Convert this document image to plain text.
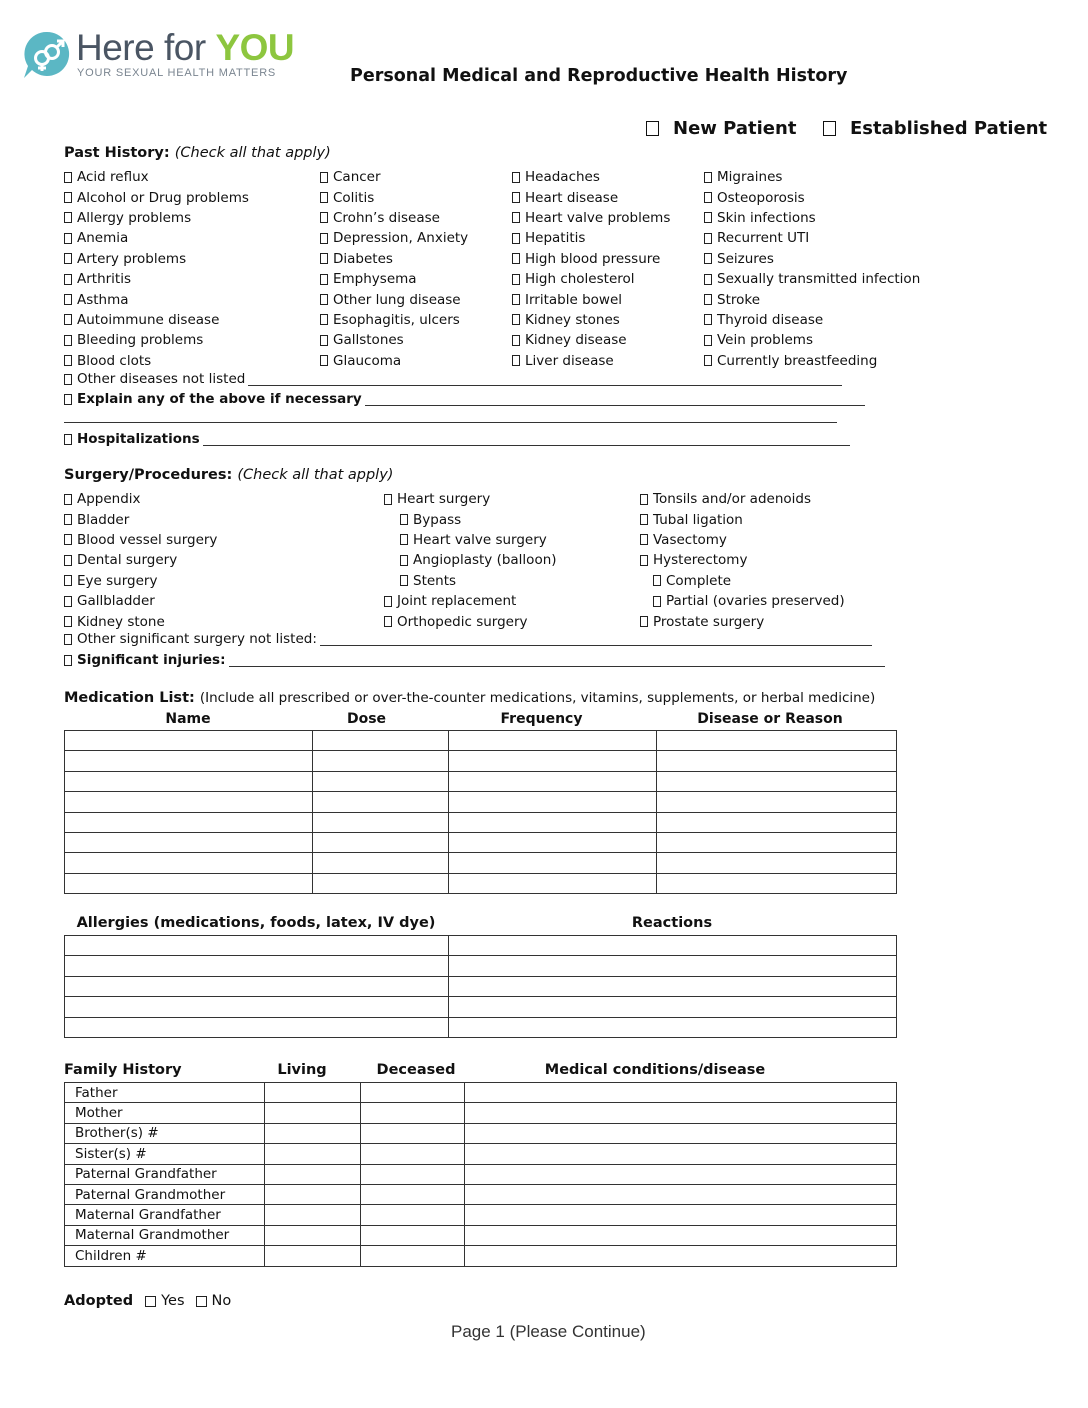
Here for YOU
YOUR SEXUAL HEALTH MATTERS	Personal Medical and Reproductive Health History
New Patient	Established Patient
Past History: (Check all that apply)
Acid reflux
Alcohol or Drug problems
Allergy problems
Anemia
Artery problems
Arthritis
Asthma
Autoimmune disease
Bleeding problems
Blood clots
Cancer
Colitis
Crohn’s disease
Depression, Anxiety
Diabetes
Emphysema
Other lung disease
Esophagitis, ulcers
Gallstones
Glaucoma
Headaches
Heart disease
Heart valve problems
Hepatitis
High blood pressure
High cholesterol
Irritable bowel
Kidney stones
Kidney disease
Liver disease
Migraines
Osteoporosis
Skin infections
Recurrent UTI
Seizures
Sexually transmitted infection
Stroke
Thyroid disease
Vein problems
Currently breastfeeding
Other diseases not listed
Explain any of the above if necessary
Hospitalizations
Surgery/Procedures: (Check all that apply)
Appendix
Bladder
Blood vessel surgery
Dental surgery
Eye surgery
Gallbladder
Kidney stone
Heart surgery
Bypass
Heart valve surgery
Angioplasty (balloon)
Stents
Joint replacement
Orthopedic surgery
Tonsils and/or adenoids
Tubal ligation
Vasectomy
Hysterectomy
Complete
Partial (ovaries preserved)
Prostate surgery
Other significant surgery not listed:
Significant injuries:
Medication List: (Include all prescribed or over-the-counter medications, vitamins, supplements, or herbal medicine)
Name	Dose	Frequency	Disease or Reason

Allergies (medications, foods, latex, IV dye)	Reactions

Family History	Living	Deceased	Medical conditions/disease
Father			
Mother			
Brother(s) #			
Sister(s) #			
Paternal Grandfather			
Paternal Grandmother			
Maternal Grandfather			
Maternal Grandmother			
Children #			
Adopted Yes No
Page 1 (Please Continue)
